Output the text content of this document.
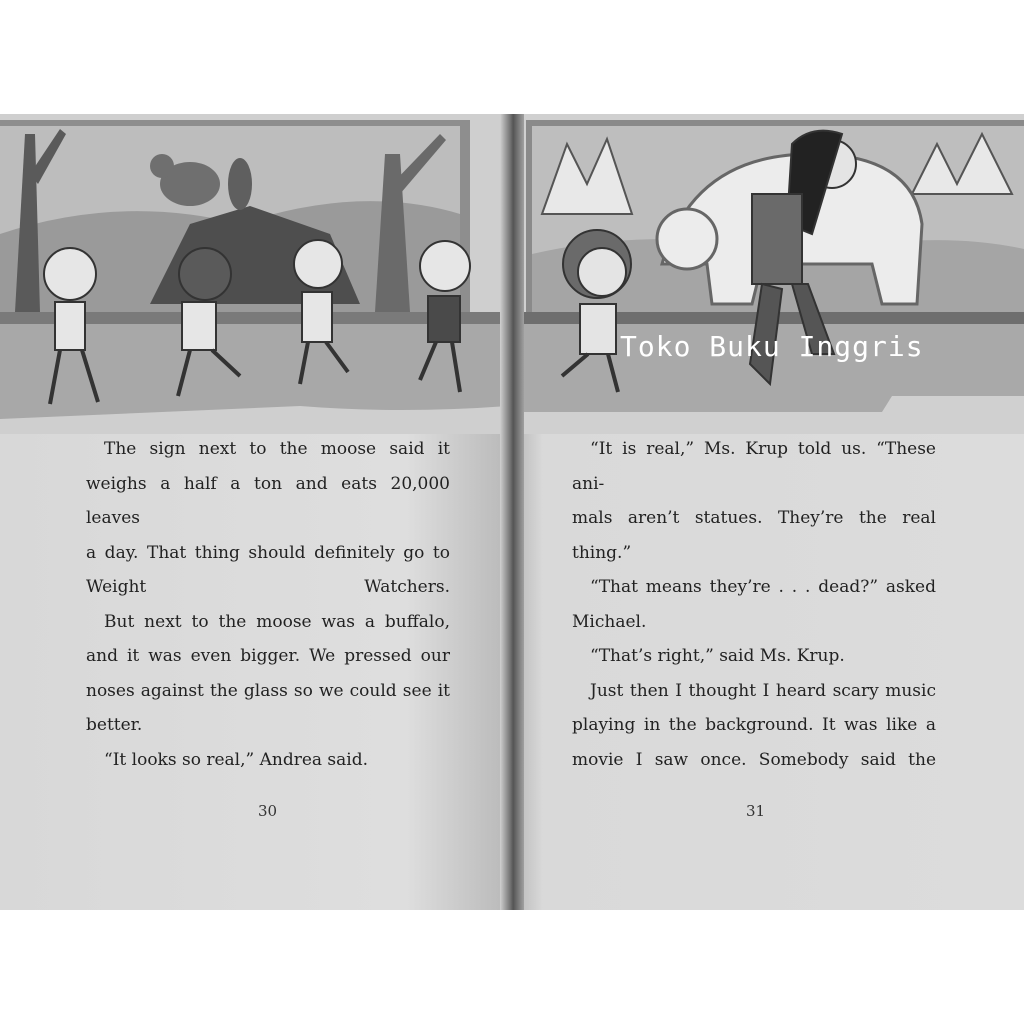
The sign next to the moose said it
weighs a half a ton and eats 20,000 leaves
a day. That thing should definitely go to
Weight Watchers.

But next to the moose was a buffalo,
and it was even bigger. We pressed our
noses against the glass so we could see it
better.

“It looks so real,” Andrea said.

30

“It is real,” Ms. Krup told us. “These ani-
mals aren’t statues. They’re the real
thing.”

“That means they’re . . . dead?” asked
Michael.

“That’s right,” said Ms. Krup.

Just then I thought I heard scary music
playing in the background. It was like a
movie I saw once. Somebody said the

31
Toko Buku Inggris
